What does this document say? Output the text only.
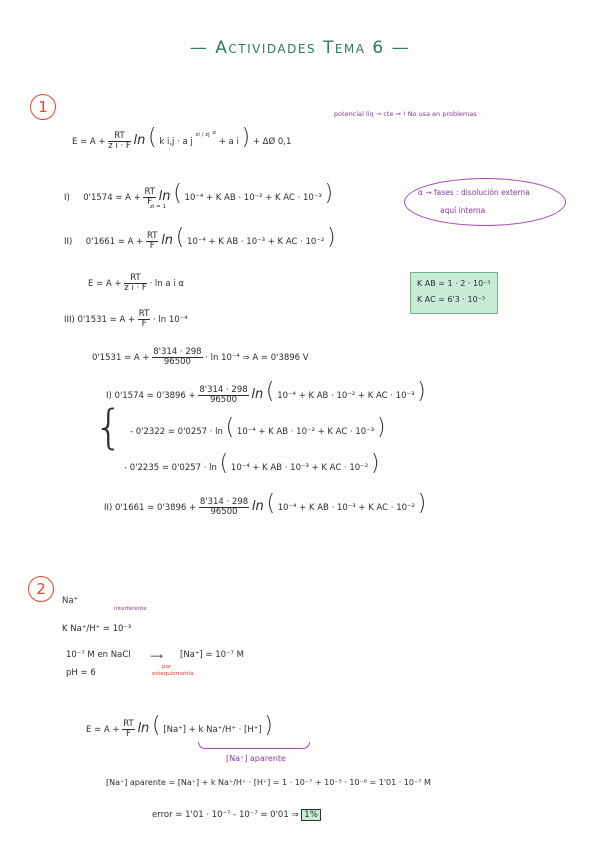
— Actividades Tema 6 —
1	potencial líq → cte ⇒ ! No usa en problemas
$E = A + \frac{RT}{\text{z i · F}}$ ln ( k i,j · a j $^{zi / zj}$ $^\alpha$ + a i ) + ΔØ 0,1
α → fases : disolución externa
aquí interna
I) $0'1574 = A + \frac{RT}{F}$ ln ( 10⁻⁴ + K AB · 10⁻² + K AC · 10⁻³ )
zi = 1
II) $0'1661 = A + \frac{RT}{F}$ ln ( 10⁻⁴ + K AB · 10⁻³ + K AC · 10⁻² )
$E = A + \frac{RT}{\text{z i · F}} \cdot \ln a$ i α	K AB = 1 · 2 · 10⁻³
K AC = 6'3 · 10⁻³
III) $0'1531 = A + \frac{RT}{F} \cdot \ln 10^{-4}$
$0'1531 = A + \frac{8'314 \cdot 298}{96500} \cdot \ln 10^{-4}$ ⇒ A = 0'3896 V
I) $0'1574 = 0'3896 + \frac{8'314 \cdot 298}{96500}$ ln ( 10⁻⁴ + K AB · 10⁻² + K AC · 10⁻³ )
{ - 0'2322 = 0'0257 · ln ( 10⁻⁴ + K AB · 10⁻² + K AC · 10⁻³ )
- 0'2235 = 0'0257 · ln ( 10⁻⁴ + K AB · 10⁻³ + K AC · 10⁻² )
II) $0'1661 = 0'3896 + \frac{8'314 \cdot 298}{96500}$ ln ( 10⁻⁴ + K AB · 10⁻³ + K AC · 10⁻² )
2
Na⁺
interferente
K Na⁺/H⁺ = 10⁻³
10⁻⁷ M en NaCl ⟶ [Na⁺] = 10⁻⁷ M
por
estequiometría
pH = 6
$E = A + \frac{RT}{F}$ ln ( [Na⁺] + k Na⁺/H⁺ · [H⁺] )
[Na⁺] aparente
[Na⁺] aparente = [Na⁺] + k Na⁺/H⁺ · [H⁺] = 1 · 10⁻⁷ + 10⁻³ · 10⁻⁶ = 1'01 · 10⁻⁷ M
error = 1'01 · 10⁻⁷ - 10⁻⁷ = 0'01 ⇒ 1%
